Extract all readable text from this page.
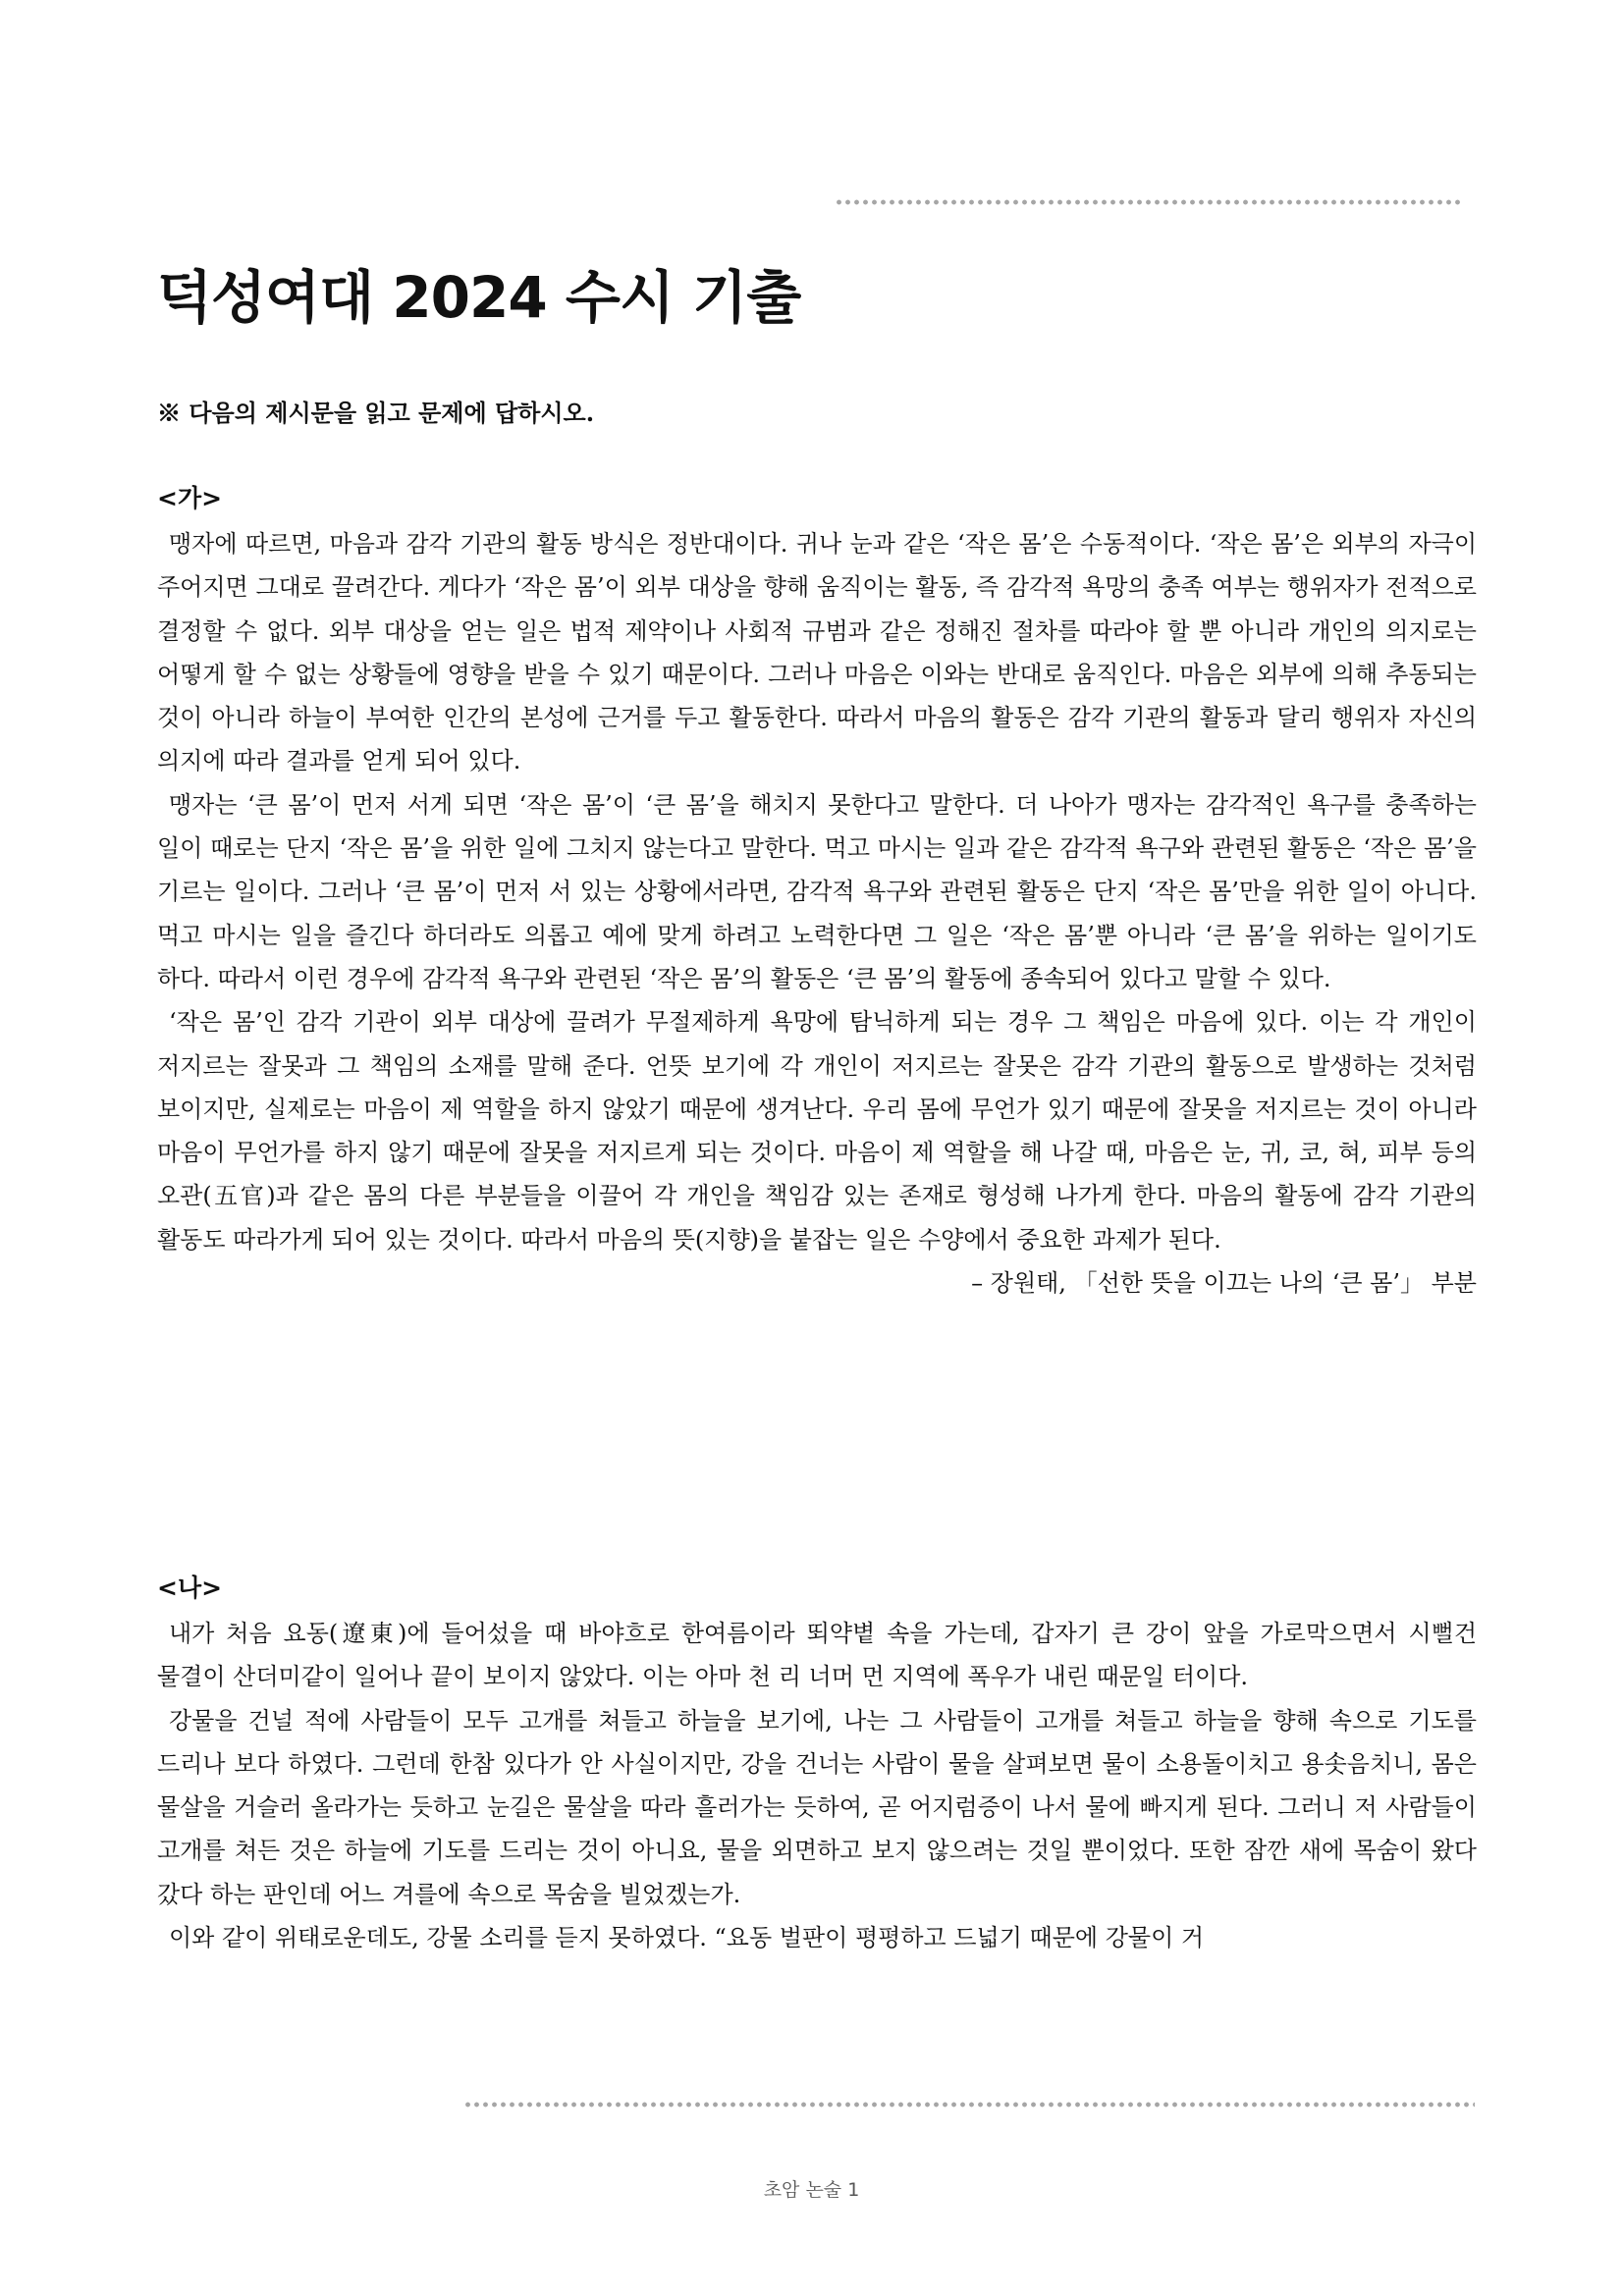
덕성여대 2024 수시 기출

※ 다음의 제시문을 읽고 문제에 답하시오.

<가>

맹자에 따르면, 마음과 감각 기관의 활동 방식은 정반대이다. 귀나 눈과 같은 ‘작은 몸’은 수동적이다. ‘작은 몸’은 외부의 자극이 주어지면 그대로 끌려간다. 게다가 ‘작은 몸’이 외부 대상을 향해 움직이는 활동, 즉 감각적 욕망의 충족 여부는 행위자가 전적으로 결정할 수 없다. 외부 대상을 얻는 일은 법적 제약이나 사회적 규범과 같은 정해진 절차를 따라야 할 뿐 아니라 개인의 의지로는 어떻게 할 수 없는 상황들에 영향을 받을 수 있기 때문이다. 그러나 마음은 이와는 반대로 움직인다. 마음은 외부에 의해 추동되는 것이 아니라 하늘이 부여한 인간의 본성에 근거를 두고 활동한다. 따라서 마음의 활동은 감각 기관의 활동과 달리 행위자 자신의 의지에 따라 결과를 얻게 되어 있다.

맹자는 ‘큰 몸’이 먼저 서게 되면 ‘작은 몸’이 ‘큰 몸’을 해치지 못한다고 말한다. 더 나아가 맹자는 감각적인 욕구를 충족하는 일이 때로는 단지 ‘작은 몸’을 위한 일에 그치지 않는다고 말한다. 먹고 마시는 일과 같은 감각적 욕구와 관련된 활동은 ‘작은 몸’을 기르는 일이다. 그러나 ‘큰 몸’이 먼저 서 있는 상황에서라면, 감각적 욕구와 관련된 활동은 단지 ‘작은 몸’만을 위한 일이 아니다. 먹고 마시는 일을 즐긴다 하더라도 의롭고 예에 맞게 하려고 노력한다면 그 일은 ‘작은 몸’뿐 아니라 ‘큰 몸’을 위하는 일이기도 하다. 따라서 이런 경우에 감각적 욕구와 관련된 ‘작은 몸’의 활동은 ‘큰 몸’의 활동에 종속되어 있다고 말할 수 있다.

‘작은 몸’인 감각 기관이 외부 대상에 끌려가 무절제하게 욕망에 탐닉하게 되는 경우 그 책임은 마음에 있다. 이는 각 개인이 저지르는 잘못과 그 책임의 소재를 말해 준다. 언뜻 보기에 각 개인이 저지르는 잘못은 감각 기관의 활동으로 발생하는 것처럼 보이지만, 실제로는 마음이 제 역할을 하지 않았기 때문에 생겨난다. 우리 몸에 무언가 있기 때문에 잘못을 저지르는 것이 아니라 마음이 무언가를 하지 않기 때문에 잘못을 저지르게 되는 것이다. 마음이 제 역할을 해 나갈 때, 마음은 눈, 귀, 코, 혀, 피부 등의 오관(五官)과 같은 몸의 다른 부분들을 이끌어 각 개인을 책임감 있는 존재로 형성해 나가게 한다. 마음의 활동에 감각 기관의 활동도 따라가게 되어 있는 것이다. 따라서 마음의 뜻(지향)을 붙잡는 일은 수양에서 중요한 과제가 된다.

– 장원태, 「선한 뜻을 이끄는 나의 ‘큰 몸’」 부분

<나>

내가 처음 요동(遼東)에 들어섰을 때 바야흐로 한여름이라 뙤약볕 속을 가는데, 갑자기 큰 강이 앞을 가로막으면서 시뻘건 물결이 산더미같이 일어나 끝이 보이지 않았다. 이는 아마 천 리 너머 먼 지역에 폭우가 내린 때문일 터이다.

강물을 건널 적에 사람들이 모두 고개를 쳐들고 하늘을 보기에, 나는 그 사람들이 고개를 쳐들고 하늘을 향해 속으로 기도를 드리나 보다 하였다. 그런데 한참 있다가 안 사실이지만, 강을 건너는 사람이 물을 살펴보면 물이 소용돌이치고 용솟음치니, 몸은 물살을 거슬러 올라가는 듯하고 눈길은 물살을 따라 흘러가는 듯하여, 곧 어지럼증이 나서 물에 빠지게 된다. 그러니 저 사람들이 고개를 쳐든 것은 하늘에 기도를 드리는 것이 아니요, 물을 외면하고 보지 않으려는 것일 뿐이었다. 또한 잠깐 새에 목숨이 왔다 갔다 하는 판인데 어느 겨를에 속으로 목숨을 빌었겠는가.

이와 같이 위태로운데도, 강물 소리를 듣지 못하였다. “요동 벌판이 평평하고 드넓기 때문에 강물이 거

초암 논술 1
